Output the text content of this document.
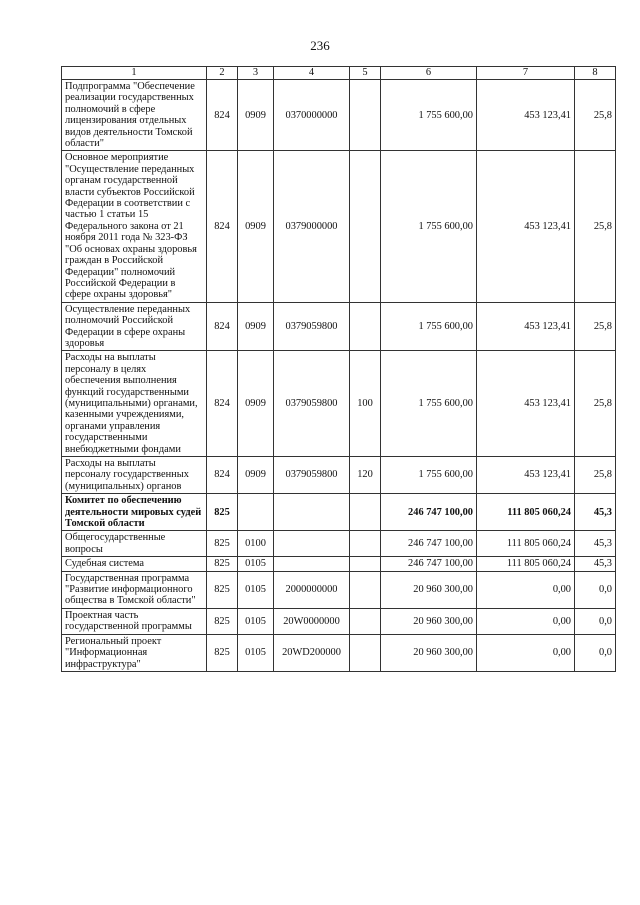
236
1	2	3	4	5	6	7	8
Подпрограмма "Обеспечение реализации государственных полномочий в сфере лицензирования отдельных видов деятельности Томской области"	824	0909	0370000000		1 755 600,00	453 123,41	25,8
Основное мероприятие "Осуществление переданных органам государственной власти субъектов Российской Федерации в соответствии с частью 1 статьи 15 Федерального закона от 21 ноября 2011 года № 323-ФЗ "Об основах охраны здоровья граждан в Российской Федерации" полномочий Российской Федерации в сфере охраны здоровья"	824	0909	0379000000		1 755 600,00	453 123,41	25,8
Осуществление переданных полномочий Российской Федерации в сфере охраны здоровья	824	0909	0379059800		1 755 600,00	453 123,41	25,8
Расходы на выплаты персоналу в целях обеспечения выполнения функций государственными (муниципальными) органами, казенными учреждениями, органами управления государственными внебюджетными фондами	824	0909	0379059800	100	1 755 600,00	453 123,41	25,8
Расходы на выплаты персоналу государственных (муниципальных) органов	824	0909	0379059800	120	1 755 600,00	453 123,41	25,8
Комитет по обеспечению деятельности мировых судей Томской области	825				246 747 100,00	111 805 060,24	45,3
Общегосударственные вопросы	825	0100			246 747 100,00	111 805 060,24	45,3
Судебная система	825	0105			246 747 100,00	111 805 060,24	45,3
Государственная программа "Развитие информационного общества в Томской области"	825	0105	2000000000		20 960 300,00	0,00	0,0
Проектная часть государственной программы	825	0105	20W0000000		20 960 300,00	0,00	0,0
Региональный проект "Информационная инфраструктура"	825	0105	20WD200000		20 960 300,00	0,00	0,0
